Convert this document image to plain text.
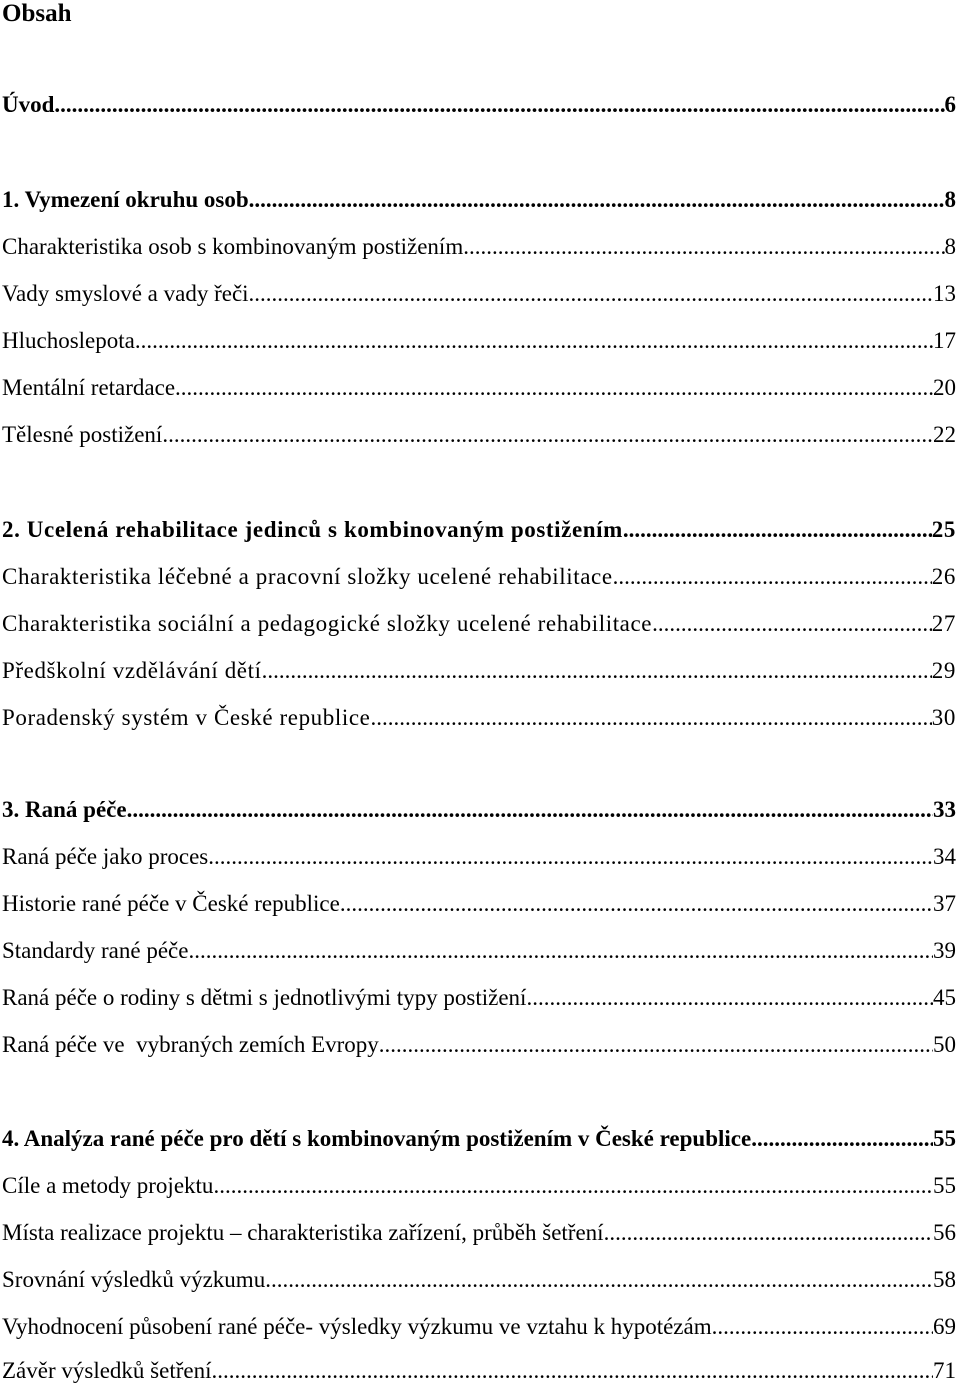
Obsah
Úvod .....	6
1. Vymezení okruhu osob .....	8
Charakteristika osob s kombinovaným postižením .....	8
Vady smyslové a vady řeči .....	13
Hluchoslepota .....	17
Mentální retardace .....	20
Tělesné postižení .....	22
2. Ucelená rehabilitace jedinců s kombinovaným postižením .....	25
Charakteristika léčebné a pracovní složky ucelené rehabilitace .....	26
Charakteristika sociální a pedagogické složky ucelené rehabilitace .....	27
Předškolní vzdělávání dětí .....	29
Poradenský systém v České republice .....	30
3. Raná péče .....	33
Raná péče jako proces .....	34
Historie rané péče v České republice .....	37
Standardy rané péče .....	39
Raná péče o rodiny s dětmi s jednotlivými typy postižení .....	45
Raná péče ve  vybraných zemích Evropy .....	50
4. Analýza rané péče pro dětí s kombinovaným postižením v České republice .....	55
Cíle a metody projektu .....	55
Místa realizace projektu – charakteristika zařízení, průběh šetření .....	56
Srovnání výsledků výzkumu .....	58
Vyhodnocení působení rané péče- výsledky výzkumu ve vztahu k hypotézám .....	69
Závěr výsledků šetření .....	71
